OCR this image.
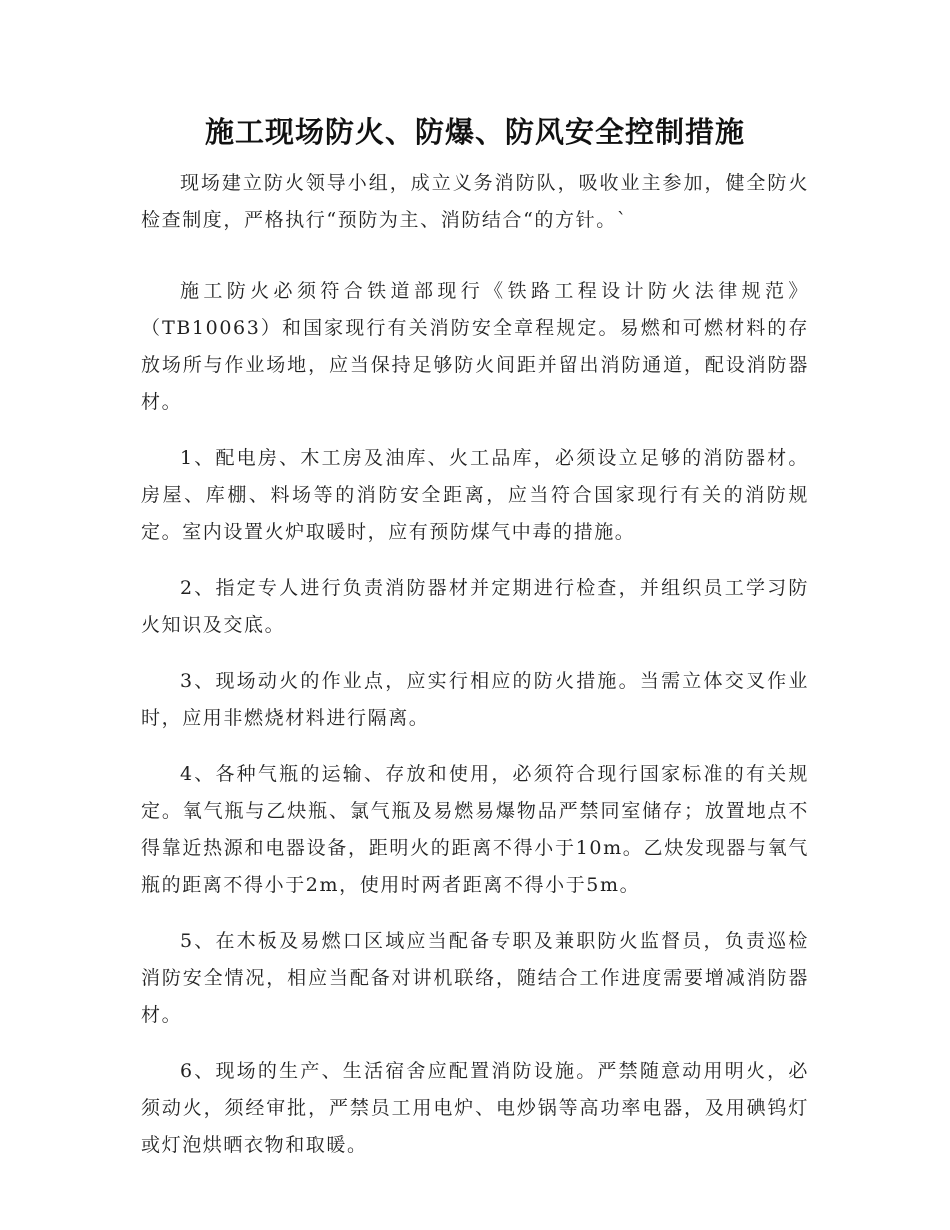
施工现场防火、防爆、防风安全控制措施

现场建立防火领导小组，成立义务消防队，吸收业主参加，健全防火检查制度，严格执行“预防为主、消防结合“的方针。`

施工防火必须符合铁道部现行《铁路工程设计防火法律规范》（TB10063）和国家现行有关消防安全章程规定。易燃和可燃材料的存放场所与作业场地，应当保持足够防火间距并留出消防通道，配设消防器材。

1、配电房、木工房及油库、火工品库，必须设立足够的消防器材。房屋、库棚、料场等的消防安全距离，应当符合国家现行有关的消防规定。室内设置火炉取暖时，应有预防煤气中毒的措施。

2、指定专人进行负责消防器材并定期进行检查，并组织员工学习防火知识及交底。

3、现场动火的作业点，应实行相应的防火措施。当需立体交叉作业时，应用非燃烧材料进行隔离。

4、各种气瓶的运输、存放和使用，必须符合现行国家标准的有关规定。氧气瓶与乙炔瓶、氯气瓶及易燃易爆物品严禁同室储存；放置地点不得靠近热源和电器设备，距明火的距离不得小于10m。乙炔发现器与氧气瓶的距离不得小于2m，使用时两者距离不得小于5m。

5、在木板及易燃口区域应当配备专职及兼职防火监督员，负责巡检消防安全情况，相应当配备对讲机联络，随结合工作进度需要增减消防器材。

6、现场的生产、生活宿舍应配置消防设施。严禁随意动用明火，必须动火，须经审批，严禁员工用电炉、电炒锅等高功率电器，及用碘钨灯或灯泡烘晒衣物和取暖。
